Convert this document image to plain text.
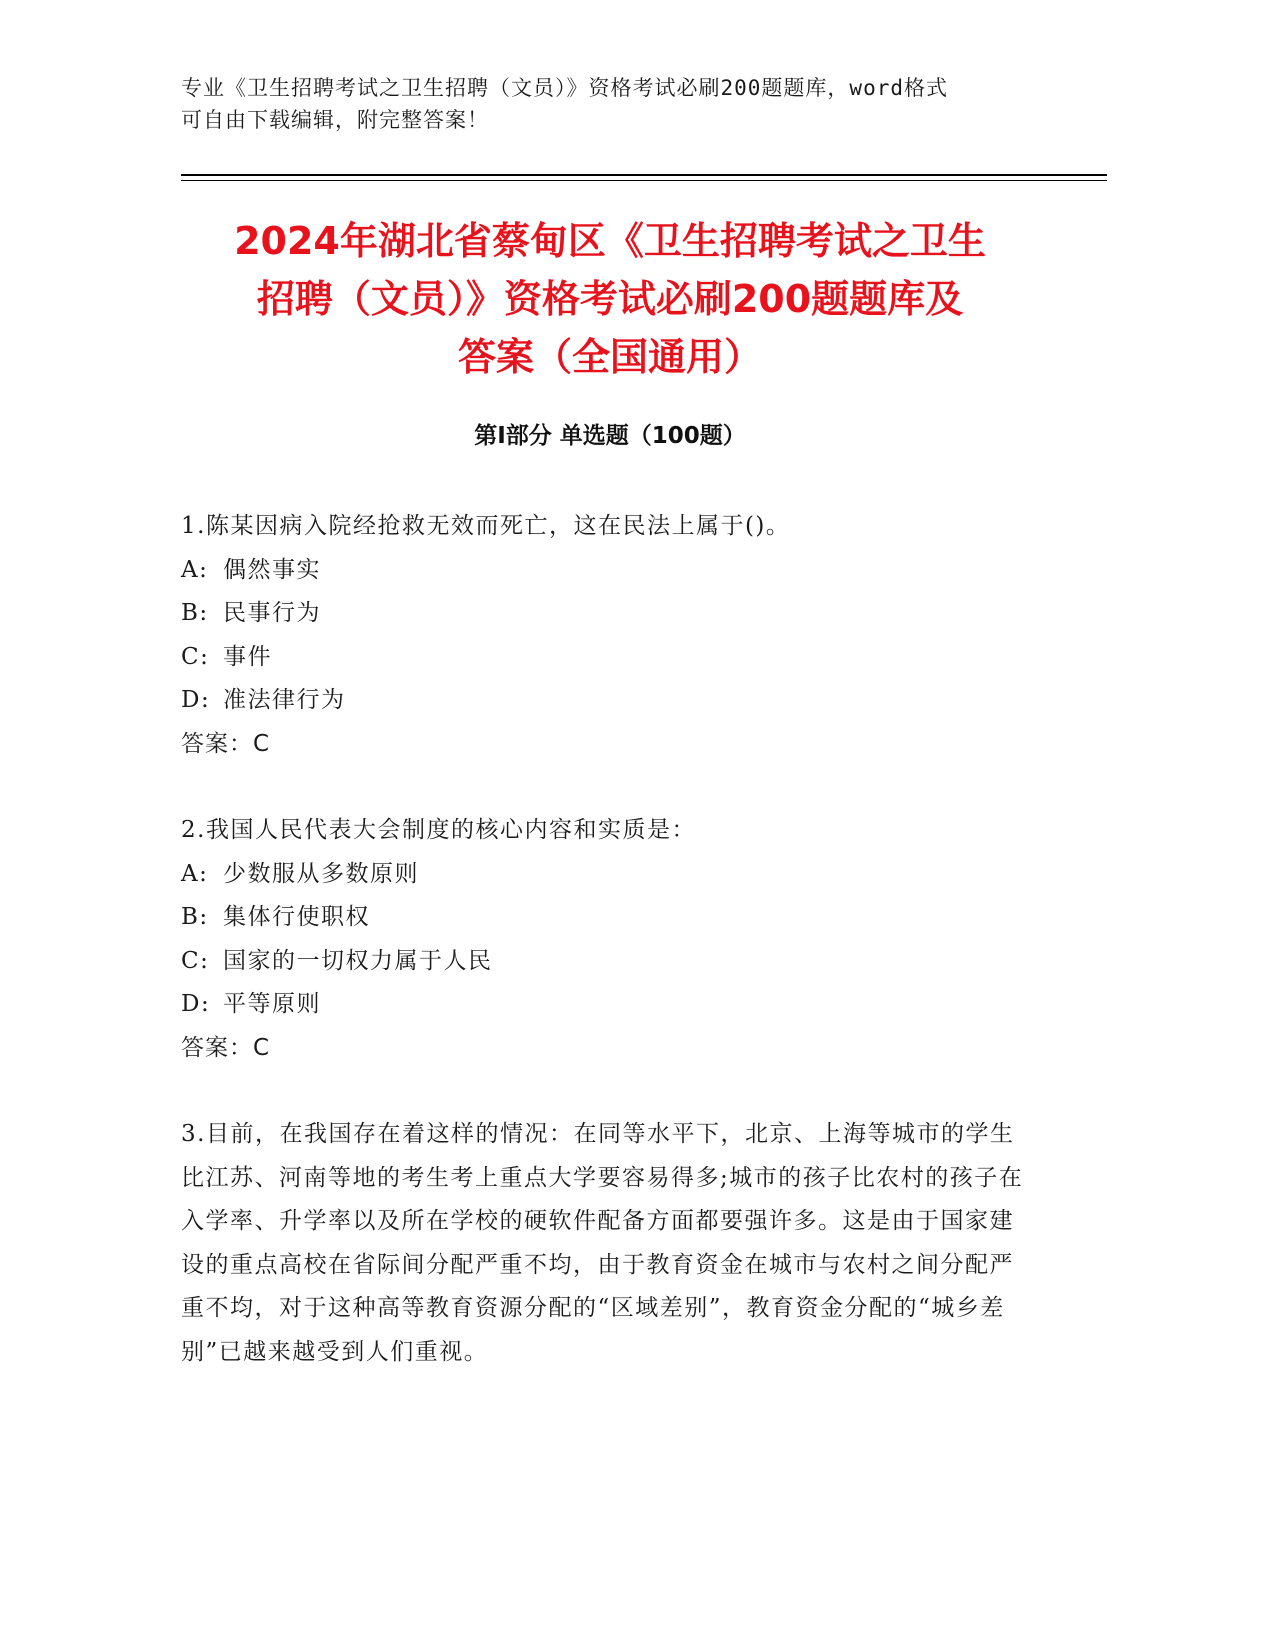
专业《卫生招聘考试之卫生招聘（文员）》资格考试必刷200题题库，word格式
可自由下载编辑，附完整答案！
2024年湖北省蔡甸区《卫生招聘考试之卫生
招聘（文员）》资格考试必刷200题题库及
答案（全国通用）
第I部分 单选题（100题）
1.陈某因病入院经抢救无效而死亡，这在民法上属于()。
A: 偶然事实
B: 民事行为
C: 事件
D: 准法律行为
答案：C
2.我国人民代表大会制度的核心内容和实质是：
A: 少数服从多数原则
B: 集体行使职权
C: 国家的一切权力属于人民
D: 平等原则
答案：C
3.目前，在我国存在着这样的情况：在同等水平下，北京、上海等城市的学生比江苏、河南等地的考生考上重点大学要容易得多;城市的孩子比农村的孩子在入学率、升学率以及所在学校的硬软件配备方面都要强许多。这是由于国家建设的重点高校在省际间分配严重不均，由于教育资金在城市与农村之间分配严重不均，对于这种高等教育资源分配的“区域差别”，教育资金分配的“城乡差别”已越来越受到人们重视。
